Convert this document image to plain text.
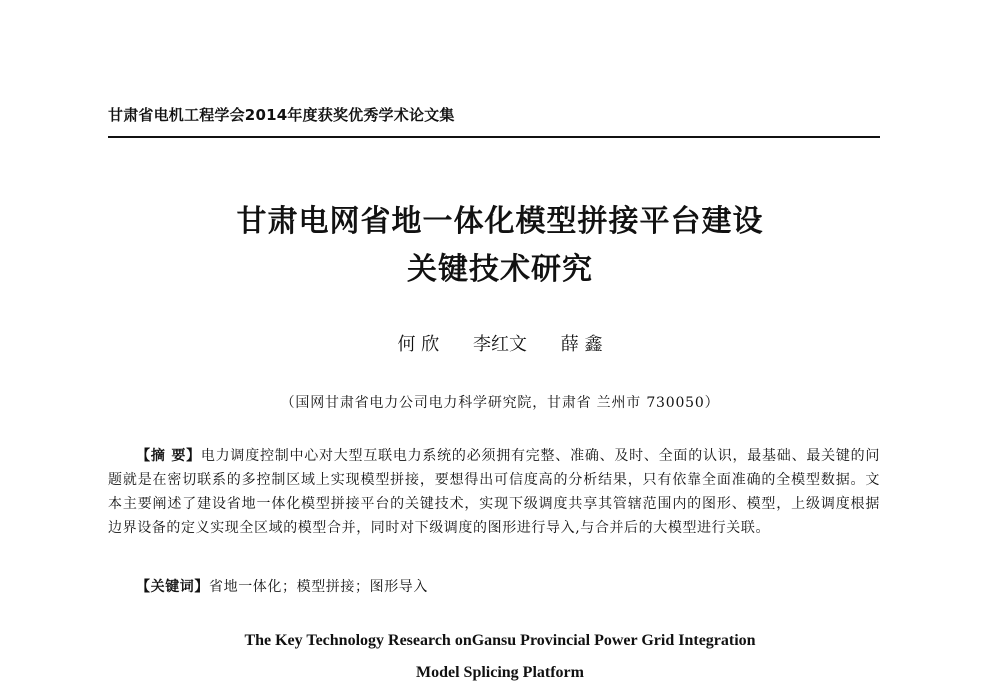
甘肃省电机工程学会2014年度获奖优秀学术论文集
甘肃电网省地一体化模型拼接平台建设
关键技术研究
何 欣 李红文 薛 鑫
（国网甘肃省电力公司电力科学研究院，甘肃省 兰州市 730050）
【摘 要】电力调度控制中心对大型互联电力系统的必须拥有完整、准确、及时、全面的认识，最基础、最关键的问题就是在密切联系的多控制区域上实现模型拼接，要想得出可信度高的分析结果，只有依靠全面准确的全模型数据。文本主要阐述了建设省地一体化模型拼接平台的关键技术，实现下级调度共享其管辖范围内的图形、模型，上级调度根据边界设备的定义实现全区域的模型合并，同时对下级调度的图形进行导入,与合并后的大模型进行关联。
【关键词】省地一体化；模型拼接；图形导入
The Key Technology Research onGansu Provincial Power Grid Integration
Model Splicing Platform
